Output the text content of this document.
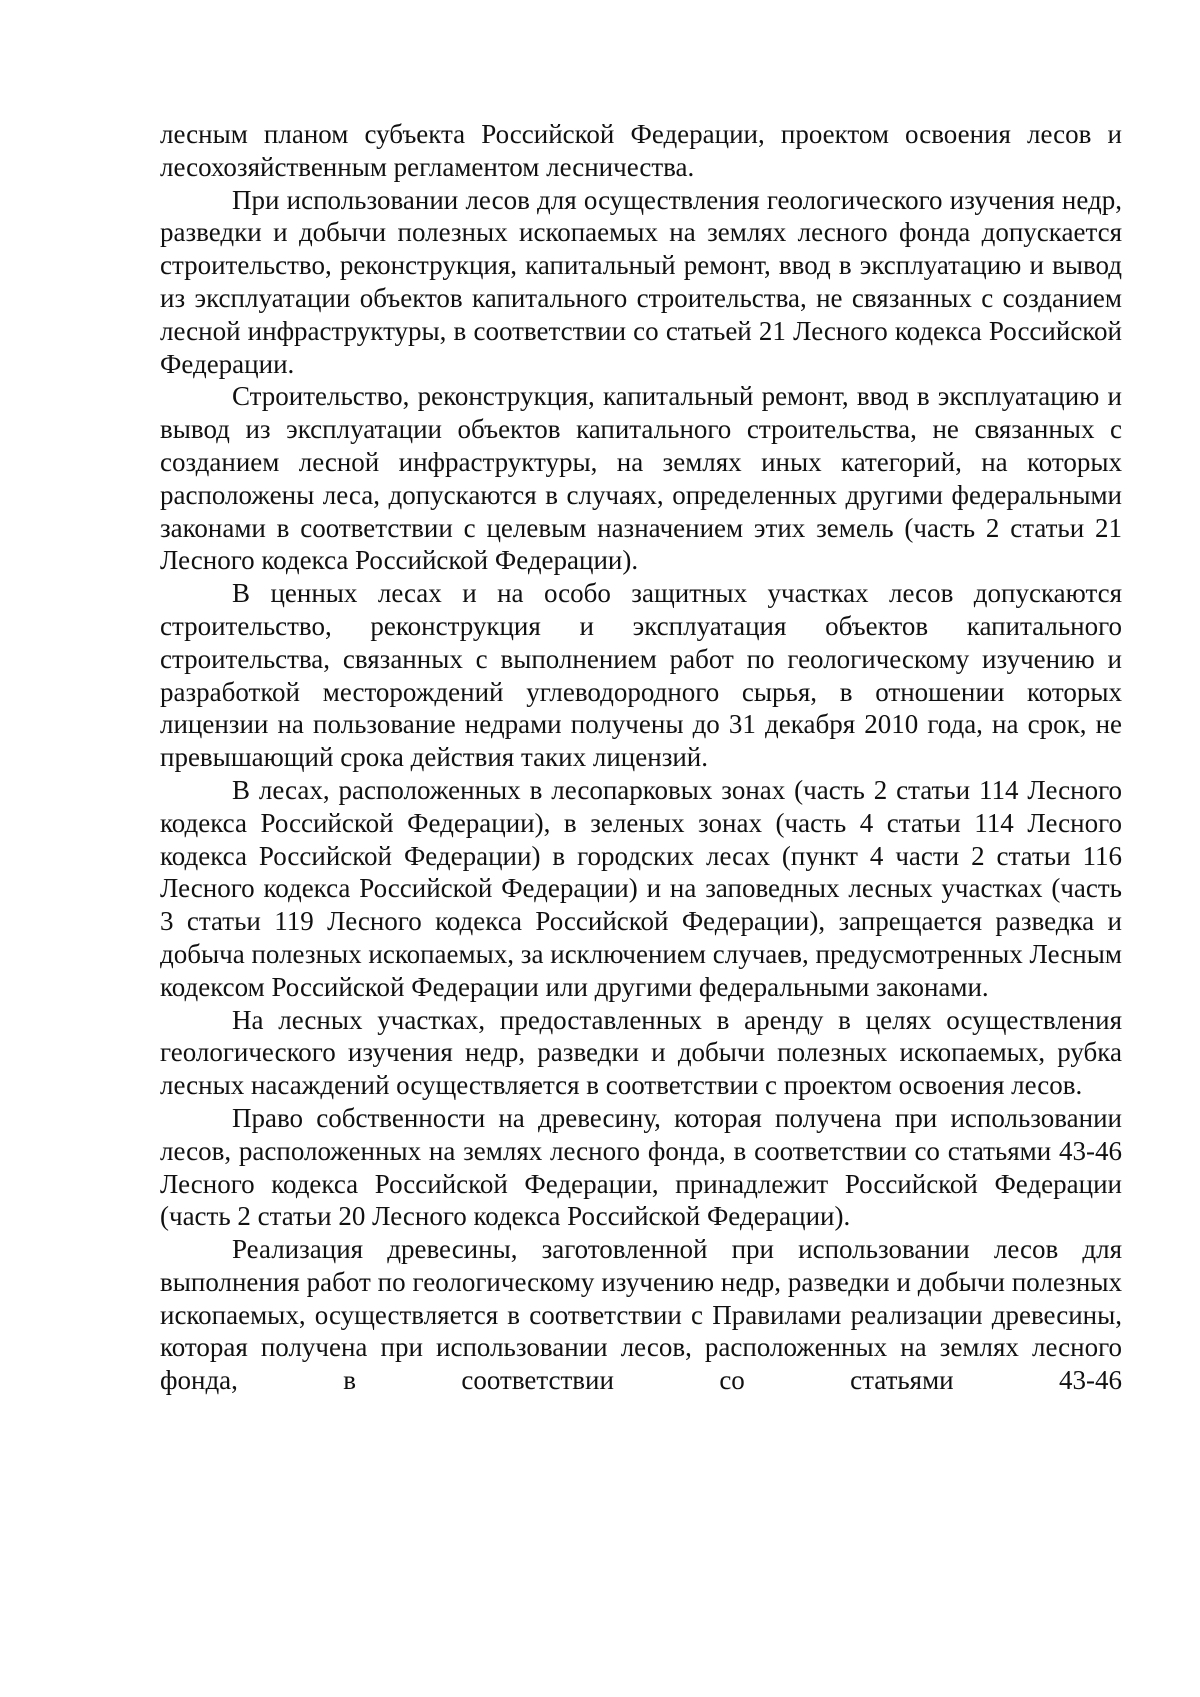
лесным планом субъекта Российской Федерации, проектом освоения лесов и лесохозяйственным регламентом лесничества.

При использовании лесов для осуществления геологического изучения недр, разведки и добычи полезных ископаемых на землях лесного фонда допускается строительство, реконструкция, капитальный ремонт, ввод в эксплуатацию и вывод из эксплуатации объектов капитального строительства, не связанных с созданием лесной инфраструктуры, в соответствии со статьей 21 Лесного кодекса Российской Федерации.

Строительство, реконструкция, капитальный ремонт, ввод в эксплуатацию и вывод из эксплуатации объектов капитального строительства, не связанных с созданием лесной инфраструктуры, на землях иных категорий, на которых расположены леса, допускаются в случаях, определенных другими федеральными законами в соответствии с целевым назначением этих земель (часть 2 статьи 21 Лесного кодекса Российской Федерации).

В ценных лесах и на особо защитных участках лесов допускаются строительство, реконструкция и эксплуатация объектов капитального строительства, связанных с выполнением работ по геологическому изучению и разработкой месторождений углеводородного сырья, в отношении которых лицензии на пользование недрами получены до 31 декабря 2010 года, на срок, не превышающий срока действия таких лицензий.

В лесах, расположенных в лесопарковых зонах (часть 2 статьи 114 Лесного кодекса Российской Федерации), в зеленых зонах (часть 4 статьи 114 Лесного кодекса Российской Федерации) в городских лесах (пункт 4 части 2 статьи 116 Лесного кодекса Российской Федерации) и на заповедных лесных участках (часть 3 статьи 119 Лесного кодекса Российской Федерации), запрещается разведка и добыча полезных ископаемых, за исключением случаев, предусмотренных Лесным кодексом Российской Федерации или другими федеральными законами.

На лесных участках, предоставленных в аренду в целях осуществления геологического изучения недр, разведки и добычи полезных ископаемых, рубка лесных насаждений осуществляется в соответствии с проектом освоения лесов.

Право собственности на древесину, которая получена при использовании лесов, расположенных на землях лесного фонда, в соответствии со статьями 43-46 Лесного кодекса Российской Федерации, принадлежит Российской Федерации (часть 2 статьи 20 Лесного кодекса Российской Федерации).

Реализация древесины, заготовленной при использовании лесов для выполнения работ по геологическому изучению недр, разведки и добычи полезных ископаемых, осуществляется в соответствии с Правилами реализации древесины, которая получена при использовании лесов, расположенных на землях лесного фонда, в соответствии со статьями 43-46
